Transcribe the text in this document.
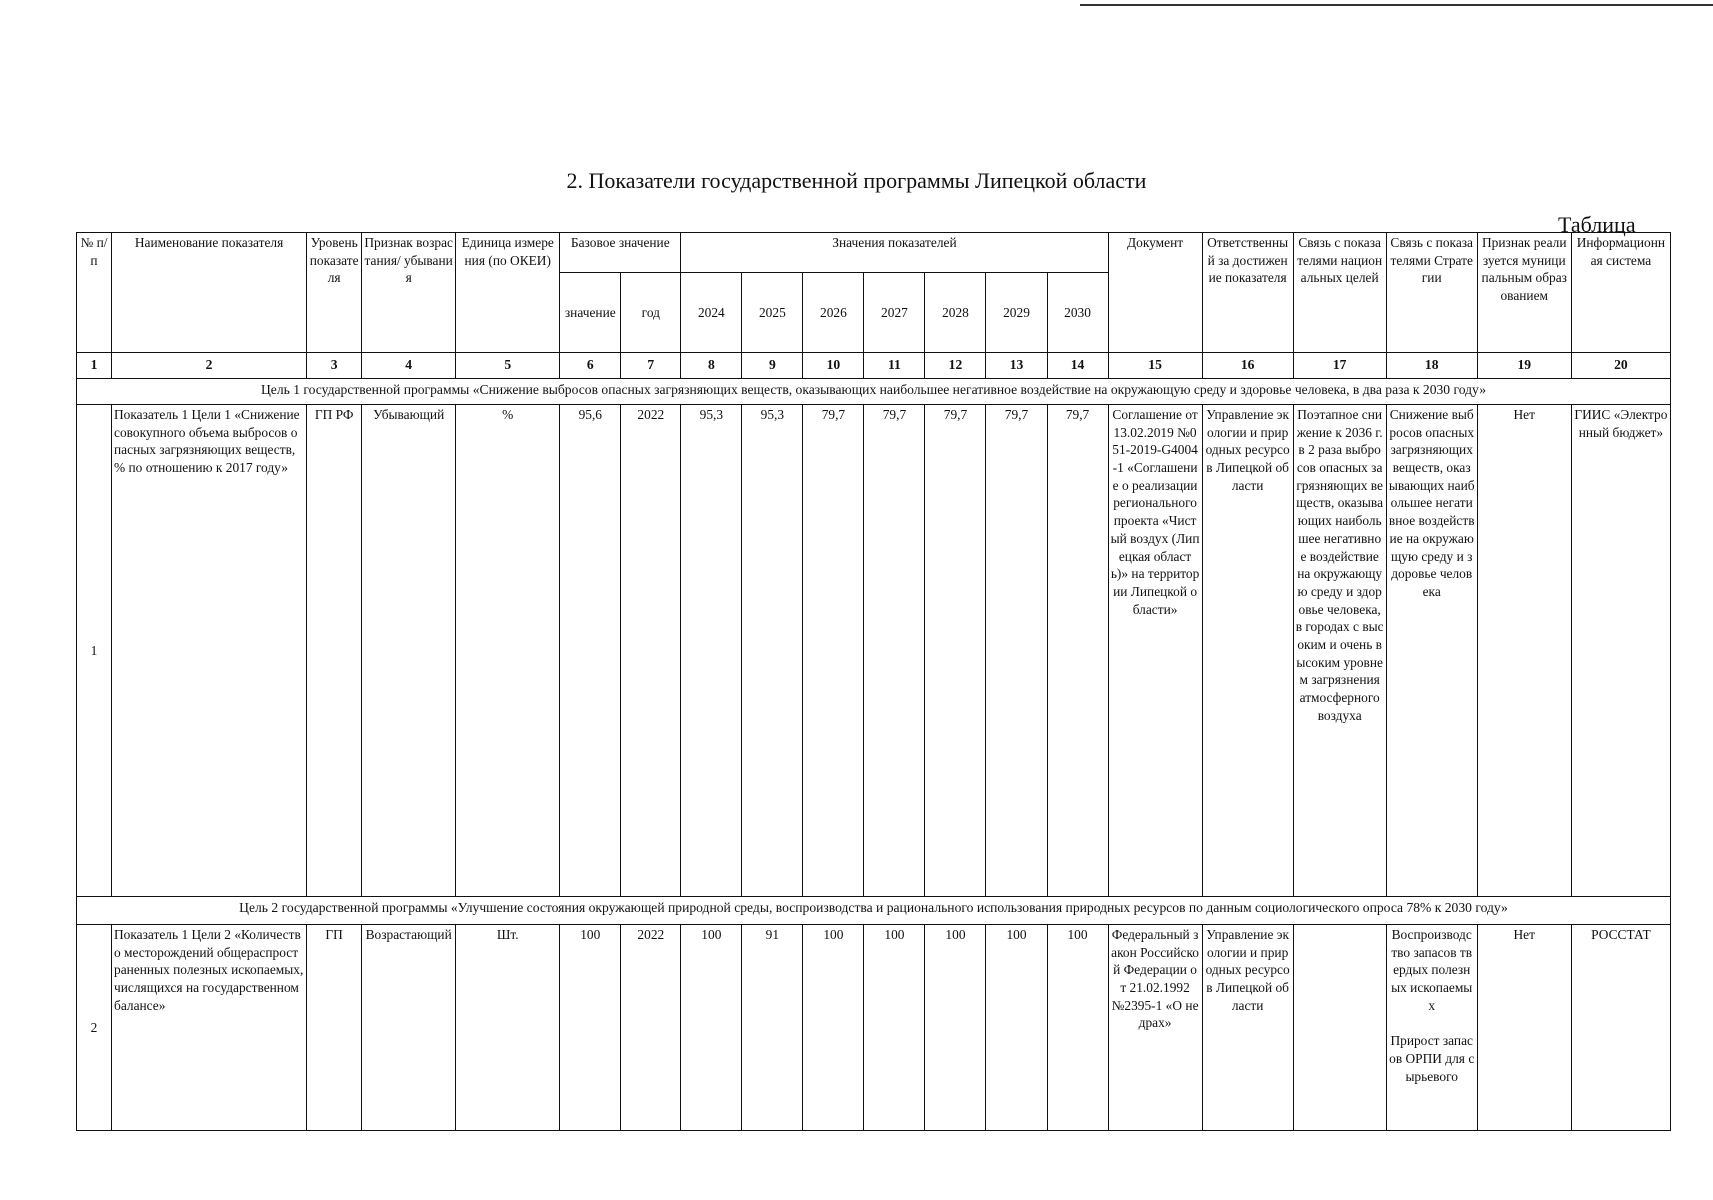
2. Показатели государственной программы Липецкой области
Таблица
№ п/п	Наименование показателя	Уровень показателя	Признак возрастания/ убывания	Единица измерения (по ОКЕИ)	Базовое значение		Значения показателей							Документ	Ответственный за достижение показателя	Связь с показателями национальных целей	Связь с показателями Стратегии	Признак реализуется муниципальным образованием	Информационная система
					значение	год	2024	2025	2026	2027	2028	2029	2030						
1	2	3	4	5	6	7	8	9	10	11	12	13	14	15	16	17	18	19	20
Цель 1 государственной программы «Снижение выбросов опасных загрязняющих веществ, оказывающих наибольшее негативное воздействие на окружающую среду и здоровье человека, в два раза к 2030 году»																			
1	Показатель 1 Цели 1 «Снижение совокупного объема выбросов опасных загрязняющих веществ, % по отношению к 2017 году»	ГП РФ	Убывающий	%	95,6	2022	95,3	95,3	79,7	79,7	79,7	79,7	79,7	Соглашение от 13.02.2019 №051-2019-G4004-1 «Соглашение о реализации регионального проекта «Чистый воздух (Липецкая область)» на территории Липецкой области»	Управление экологии и природных ресурсов Липецкой области	Поэтапное снижение к 2036 г. в 2 раза выбросов опасных загрязняющих веществ, оказывающих наибольшее негативное воздействие на окружающую среду и здоровье человека, в городах с высоким и очень высоким уровнем загрязнения атмосферного воздуха	Снижение выбросов опасных загрязняющих веществ, оказывающих наибольшее негативное воздействие на окружающую среду и здоровье человека	Нет	ГИИС «Электронный бюджет»
Цель 2 государственной программы «Улучшение состояния окружающей природной среды, воспроизводства и рационального использования природных ресурсов по данным социологического опроса 78% к 2030 году»																			
2	Показатель 1 Цели 2 «Количество месторождений общераспространенных полезных ископаемых, числящихся на государственном балансе»	ГП	Возрастающий	Шт.	100	2022	100	91	100	100	100	100	100	Федеральный закон Российской Федерации от 21.02.1992 №2395-1 «О недрах»	Управление экологии и природных ресурсов Липецкой области		Воспроизводство запасов твердых полезных ископаемых
Прирост запасов ОРПИ для сырьевого	Нет	РОССТАТ
